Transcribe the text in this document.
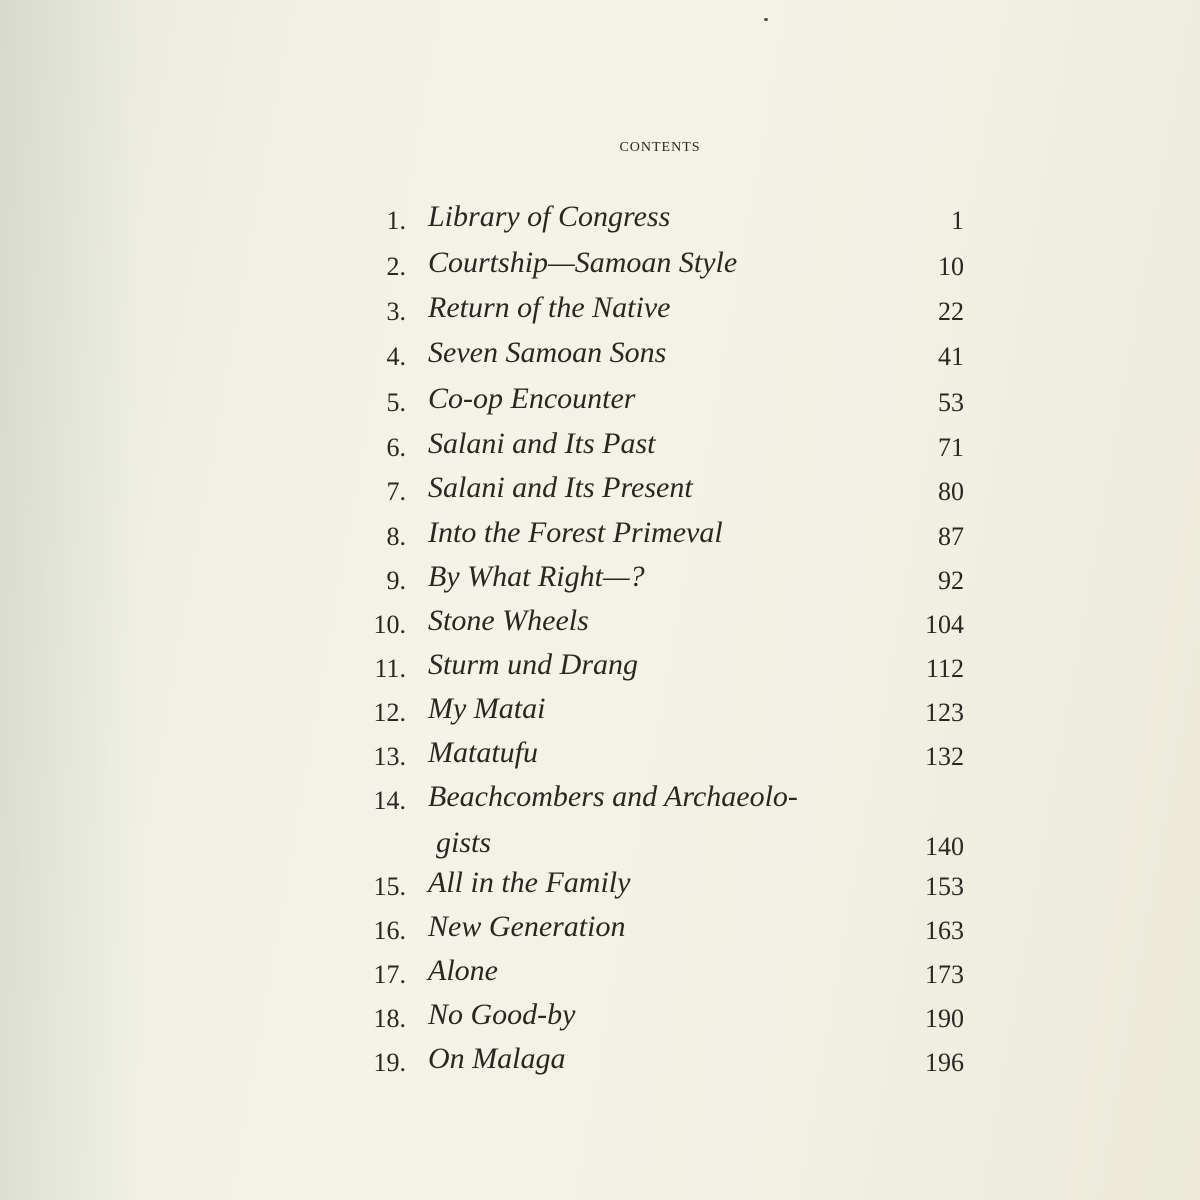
contents
1. Library of Congress	1
2. Courtship—Samoan Style	10
3. Return of the Native	22
4. Seven Samoan Sons	41
5. Co-op Encounter	53
6. Salani and Its Past	71
7. Salani and Its Present	80
8. Into the Forest Primeval	87
9. By What Right—?	92
10. Stone Wheels	104
11. Sturm und Drang	112
12. My Matai	123
13. Matatufu	132
14. Beachcombers and Archaeolo-
gists	140
15. All in the Family	153
16. New Generation	163
17. Alone	173
18. No Good-by	190
19. On Malaga	196
